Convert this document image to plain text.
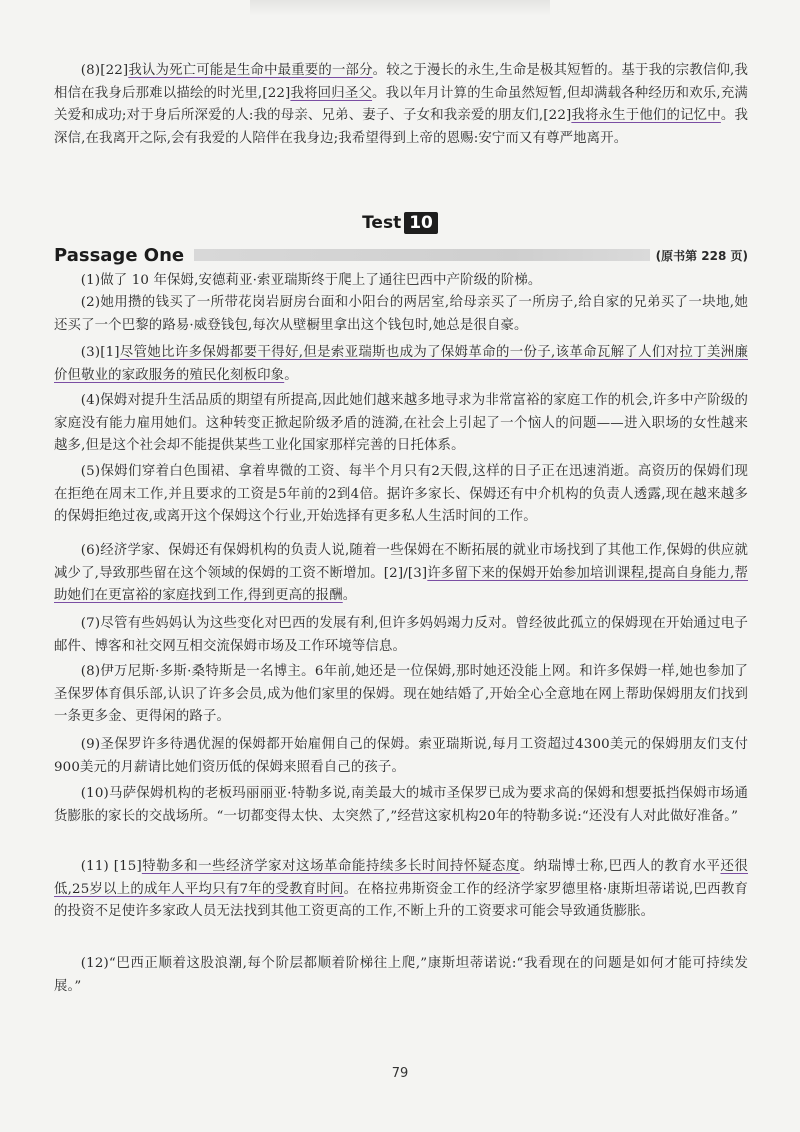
(8)[22]我认为死亡可能是生命中最重要的一部分。较之于漫长的永生,生命是极其短暂的。基于我的宗教信仰,我相信在我身后那难以描绘的时光里,[22]我将回归圣父。我以年月计算的生命虽然短暂,但却满载各种经历和欢乐,充满关爱和成功;对于身后所深爱的人:我的母亲、兄弟、妻子、子女和我亲爱的朋友们,[22]我将永生于他们的记忆中。我深信,在我离开之际,会有我爱的人陪伴在我身边;我希望得到上帝的恩赐:安宁而又有尊严地离开。
Test 10
Passage One	(原书第 228 页)
(1)做了 10 年保姆,安德莉亚·索亚瑞斯终于爬上了通往巴西中产阶级的阶梯。
(2)她用攒的钱买了一所带花岗岩厨房台面和小阳台的两居室,给母亲买了一所房子,给自家的兄弟买了一块地,她还买了一个巴黎的路易·威登钱包,每次从壁橱里拿出这个钱包时,她总是很自豪。
(3)[1]尽管她比许多保姆都要干得好,但是索亚瑞斯也成为了保姆革命的一份子,该革命瓦解了人们对拉丁美洲廉价但敬业的家政服务的殖民化刻板印象。
(4)保姆对提升生活品质的期望有所提高,因此她们越来越多地寻求为非常富裕的家庭工作的机会,许多中产阶级的家庭没有能力雇用她们。这种转变正掀起阶级矛盾的涟漪,在社会上引起了一个恼人的问题——进入职场的女性越来越多,但是这个社会却不能提供某些工业化国家那样完善的日托体系。
(5)保姆们穿着白色围裙、拿着卑微的工资、每半个月只有2天假,这样的日子正在迅速消逝。高资历的保姆们现在拒绝在周末工作,并且要求的工资是5年前的2到4倍。据许多家长、保姆还有中介机构的负责人透露,现在越来越多的保姆拒绝过夜,或离开这个保姆这个行业,开始选择有更多私人生活时间的工作。
(6)经济学家、保姆还有保姆机构的负责人说,随着一些保姆在不断拓展的就业市场找到了其他工作,保姆的供应就减少了,导致那些留在这个领域的保姆的工资不断增加。[2]/[3]许多留下来的保姆开始参加培训课程,提高自身能力,帮助她们在更富裕的家庭找到工作,得到更高的报酬。
(7)尽管有些妈妈认为这些变化对巴西的发展有利,但许多妈妈竭力反对。曾经彼此孤立的保姆现在开始通过电子邮件、博客和社交网互相交流保姆市场及工作环境等信息。
(8)伊万尼斯·多斯·桑特斯是一名博主。6年前,她还是一位保姆,那时她还没能上网。和许多保姆一样,她也参加了圣保罗体育俱乐部,认识了许多会员,成为他们家里的保姆。现在她结婚了,开始全心全意地在网上帮助保姆朋友们找到一条更多金、更得闲的路子。
(9)圣保罗许多待遇优渥的保姆都开始雇佣自己的保姆。索亚瑞斯说,每月工资超过4300美元的保姆朋友们支付900美元的月薪请比她们资历低的保姆来照看自己的孩子。
(10)马萨保姆机构的老板玛丽丽亚·特勒多说,南美最大的城市圣保罗已成为要求高的保姆和想要抵挡保姆市场通货膨胀的家长的交战场所。“一切都变得太快、太突然了,”经营这家机构20年的特勒多说:“还没有人对此做好准备。”
(11) [15]特勒多和一些经济学家对这场革命能持续多长时间持怀疑态度。纳瑞博士称,巴西人的教育水平还很低,25岁以上的成年人平均只有7年的受教育时间。在格拉弗斯资金工作的经济学家罗德里格·康斯坦蒂诺说,巴西教育的投资不足使许多家政人员无法找到其他工资更高的工作,不断上升的工资要求可能会导致通货膨胀。
(12)“巴西正顺着这股浪潮,每个阶层都顺着阶梯往上爬,”康斯坦蒂诺说:“我看现在的问题是如何才能可持续发展。”
79
